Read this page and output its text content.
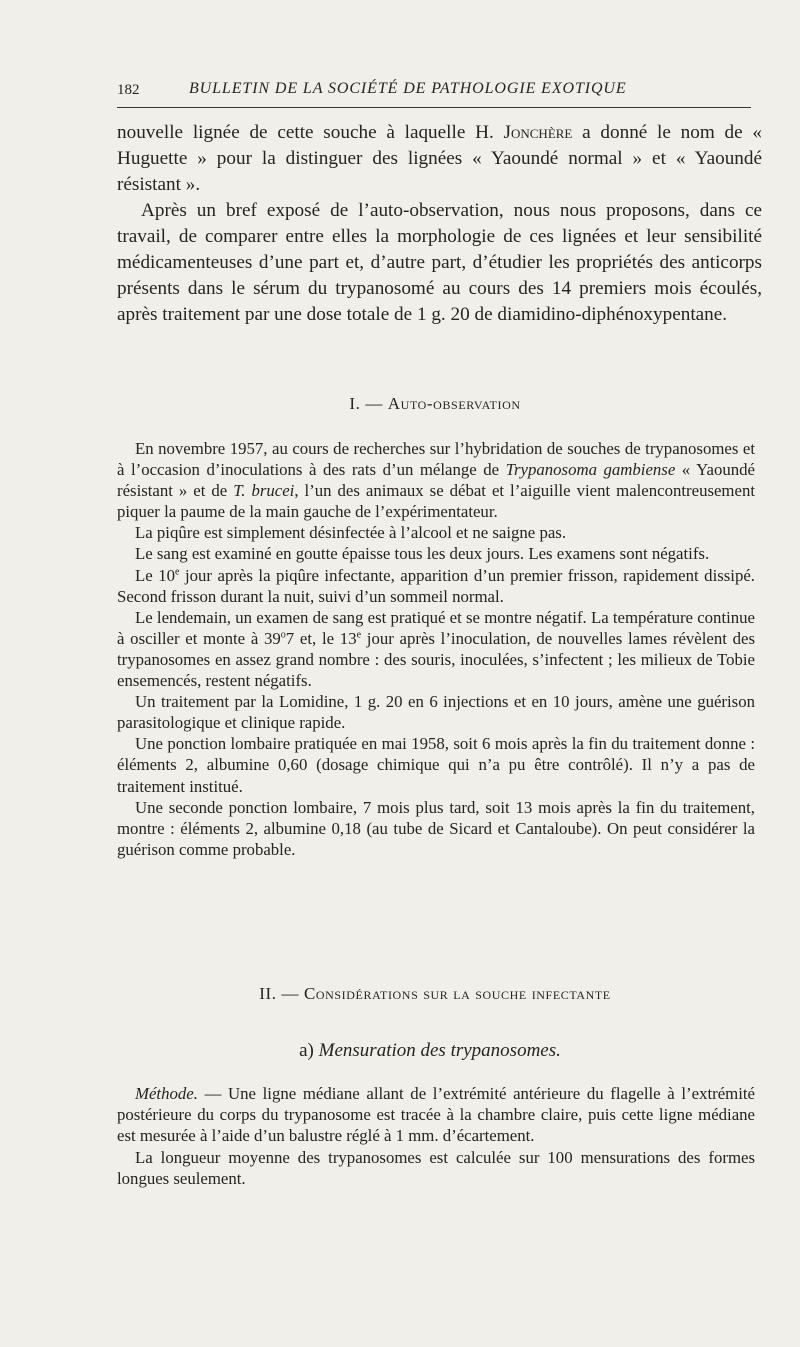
182	BULLETIN DE LA SOCIÉTÉ DE PATHOLOGIE EXOTIQUE

nouvelle lignée de cette souche à laquelle H. Jonchère a donné le nom de « Huguette » pour la distinguer des lignées « Yaoundé normal » et « Yaoundé résistant ».

Après un bref exposé de l’auto-observation, nous nous proposons, dans ce travail, de comparer entre elles la morphologie de ces lignées et leur sensibilité médicamenteuses d’une part et, d’autre part, d’étudier les propriétés des anticorps présents dans le sérum du trypanosomé au cours des 14 premiers mois écoulés, après traitement par une dose totale de 1 g. 20 de diamidino-diphénoxypentane.

I. — Auto-observation

En novembre 1957, au cours de recherches sur l’hybridation de souches de trypanosomes et à l’occasion d’inoculations à des rats d’un mélange de Trypanosoma gambiense « Yaoundé résistant » et de T. brucei, l’un des animaux se débat et l’aiguille vient malencontreusement piquer la paume de la main gauche de l’expérimentateur.

La piqûre est simplement désinfectée à l’alcool et ne saigne pas.

Le sang est examiné en goutte épaisse tous les deux jours. Les examens sont négatifs.

Le 10e jour après la piqûre infectante, apparition d’un premier frisson, rapidement dissipé. Second frisson durant la nuit, suivi d’un sommeil normal.

Le lendemain, un examen de sang est pratiqué et se montre négatif. La température continue à osciller et monte à 39$^o$7 et, le 13e jour après l’inoculation, de nouvelles lames révèlent des trypanosomes en assez grand nombre : des souris, inoculées, s’infectent ; les milieux de Tobie ensemencés, restent négatifs.

Un traitement par la Lomidine, 1 g. 20 en 6 injections et en 10 jours, amène une guérison parasitologique et clinique rapide.

Une ponction lombaire pratiquée en mai 1958, soit 6 mois après la fin du traitement donne : éléments 2, albumine 0,60 (dosage chimique qui n’a pu être contrôlé). Il n’y a pas de traitement institué.

Une seconde ponction lombaire, 7 mois plus tard, soit 13 mois après la fin du traitement, montre : éléments 2, albumine 0,18 (au tube de Sicard et Cantaloube). On peut considérer la guérison comme probable.

II. — Considérations sur la souche infectante
a) Mensuration des trypanosomes.

Méthode. — Une ligne médiane allant de l’extrémité antérieure du flagelle à l’extrémité postérieure du corps du trypanosome est tracée à la chambre claire, puis cette ligne médiane est mesurée à l’aide d’un balustre réglé à 1 mm. d’écartement.

La longueur moyenne des trypanosomes est calculée sur 100 mensurations des formes longues seulement.
